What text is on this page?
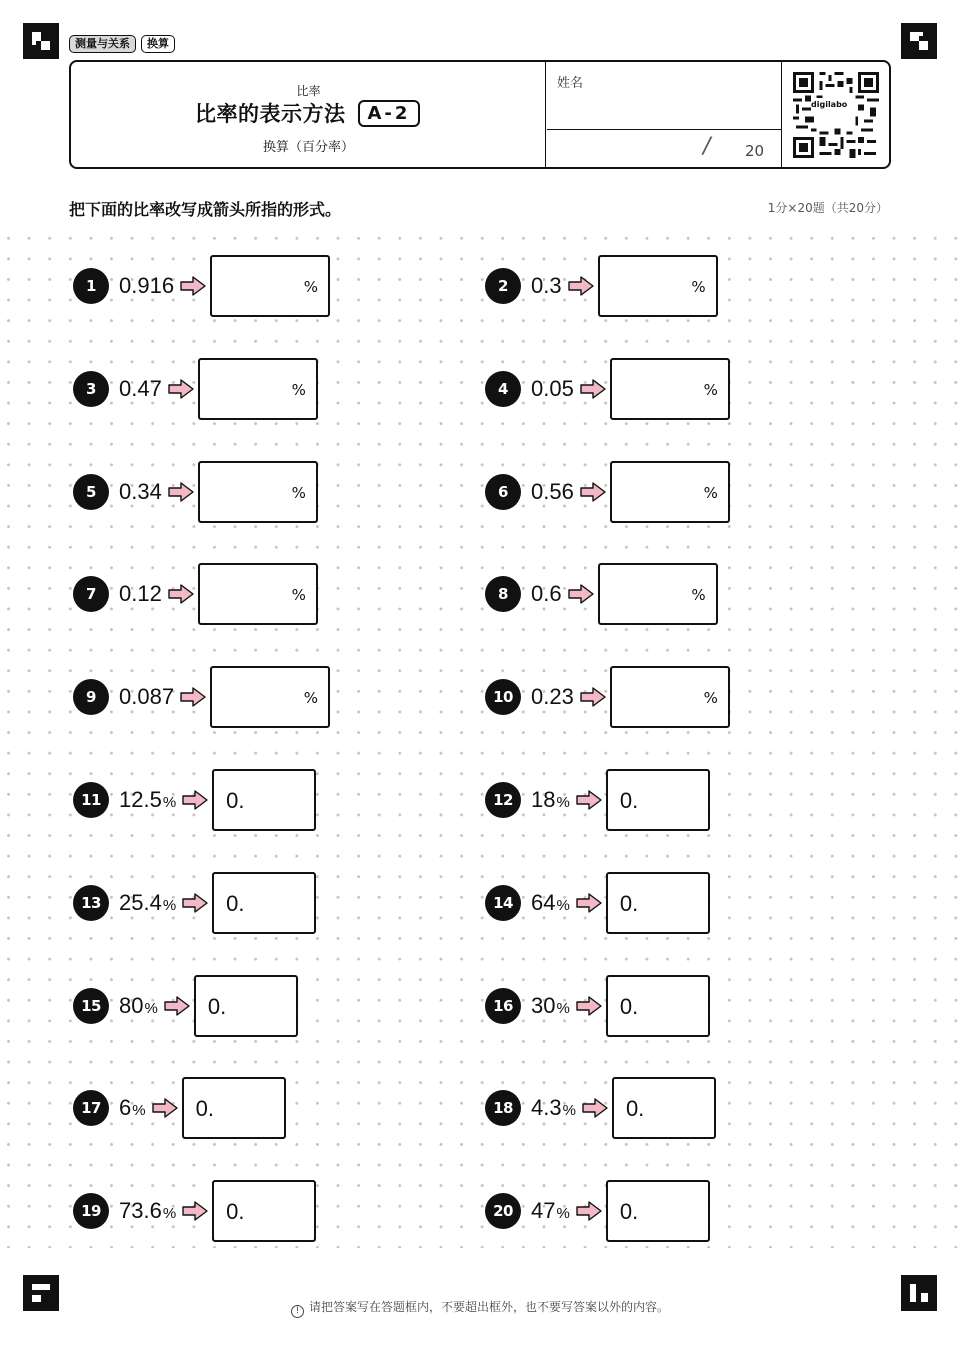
测量与关系	换算
比率
比率的表示方法	A-2
换算（百分率）
姓名
/ 20
digilabo
把下面的比率改写成箭头所指的形式。	1分×20题（共20分）
1	0.916	%	2	0.3	%
3	0.47	%	4	0.05	%
5	0.34	%	6	0.56	%
7	0.12	%	8	0.6	%
9	0.087	%	10 0.23	%
11 12.5% 0.	12 18% 0.
13 25.4% 0.	14 64% 0.
15 80% 0.	16 30% 0.
17 6% 0.	18 4.3% 0.
19 73.6% 0.	20 47% 0.
! 请把答案写在答题框内，不要超出框外，也不要写答案以外的内容。
